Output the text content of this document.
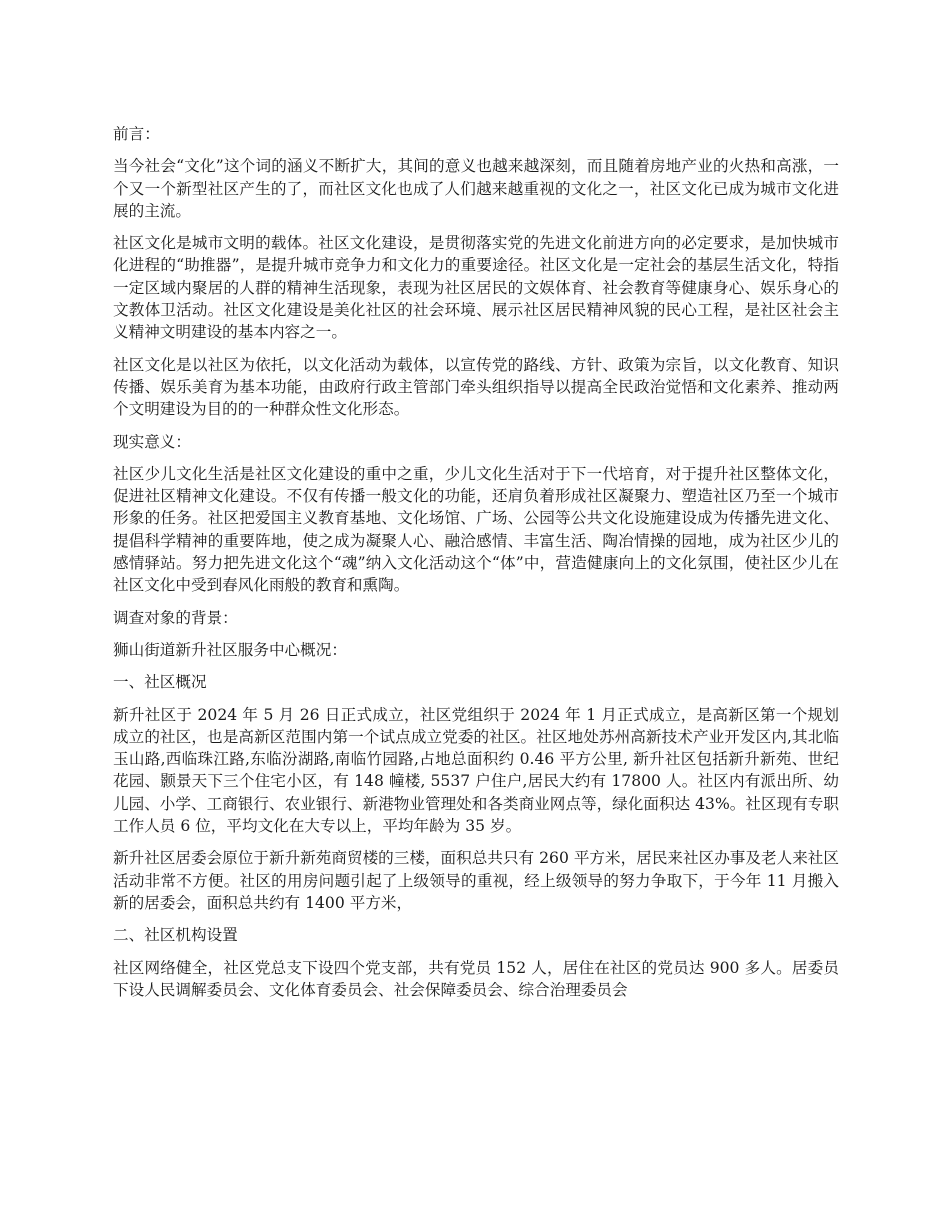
前言：

当今社会“文化”这个词的涵义不断扩大，其间的意义也越来越深刻，而且随着房地产业的火热和高涨，一个又一个新型社区产生的了，而社区文化也成了人们越来越重视的文化之一，社区文化已成为城市文化进展的主流。

社区文化是城市文明的载体。社区文化建设，是贯彻落实党的先进文化前进方向的必定要求，是加快城市化进程的“助推器”，是提升城市竞争力和文化力的重要途径。社区文化是一定社会的基层生活文化，特指一定区域内聚居的人群的精神生活现象，表现为社区居民的文娱体育、社会教育等健康身心、娱乐身心的文教体卫活动。社区文化建设是美化社区的社会环境、展示社区居民精神风貌的民心工程，是社区社会主义精神文明建设的基本内容之一。

社区文化是以社区为依托，以文化活动为载体，以宣传党的路线、方针、政策为宗旨，以文化教育、知识传播、娱乐美育为基本功能，由政府行政主管部门牵头组织指导以提高全民政治觉悟和文化素养、推动两个文明建设为目的的一种群众性文化形态。

现实意义：

社区少儿文化生活是社区文化建设的重中之重，少儿文化生活对于下一代培育，对于提升社区整体文化，促进社区精神文化建设。不仅有传播一般文化的功能，还肩负着形成社区凝聚力、塑造社区乃至一个城市形象的任务。社区把爱国主义教育基地、文化场馆、广场、公园等公共文化设施建设成为传播先进文化、提倡科学精神的重要阵地，使之成为凝聚人心、融洽感情、丰富生活、陶冶情操的园地，成为社区少儿的感情驿站。努力把先进文化这个“魂”纳入文化活动这个“体”中，营造健康向上的文化氛围，使社区少儿在社区文化中受到春风化雨般的教育和熏陶。

调查对象的背景：
狮山街道新升社区服务中心概况：
一、社区概况

新升社区于 2024 年 5 月 26 日正式成立，社区党组织于 2024 年 1 月正式成立，是高新区第一个规划成立的社区，也是高新区范围内第一个试点成立党委的社区。社区地处苏州高新技术产业开发区内,其北临玉山路,西临珠江路,东临汾湖路,南临竹园路,占地总面积约 0.46 平方公里, 新升社区包括新升新苑、世纪花园、颢景天下三个住宅小区，有 148 幢楼, 5537 户住户,居民大约有 17800 人。社区内有派出所、幼儿园、小学、工商银行、农业银行、新港物业管理处和各类商业网点等，绿化面积达 43%。社区现有专职工作人员 6 位，平均文化在大专以上，平均年龄为 35 岁。

新升社区居委会原位于新升新苑商贸楼的三楼，面积总共只有 260 平方米，居民来社区办事及老人来社区活动非常不方便。社区的用房问题引起了上级领导的重视，经上级领导的努力争取下，于今年 11 月搬入新的居委会，面积总共约有 1400 平方米，

二、社区机构设置

社区网络健全，社区党总支下设四个党支部，共有党员 152 人，居住在社区的党员达 900 多人。居委员下设人民调解委员会、文化体育委员会、社会保障委员会、综合治理委员会
